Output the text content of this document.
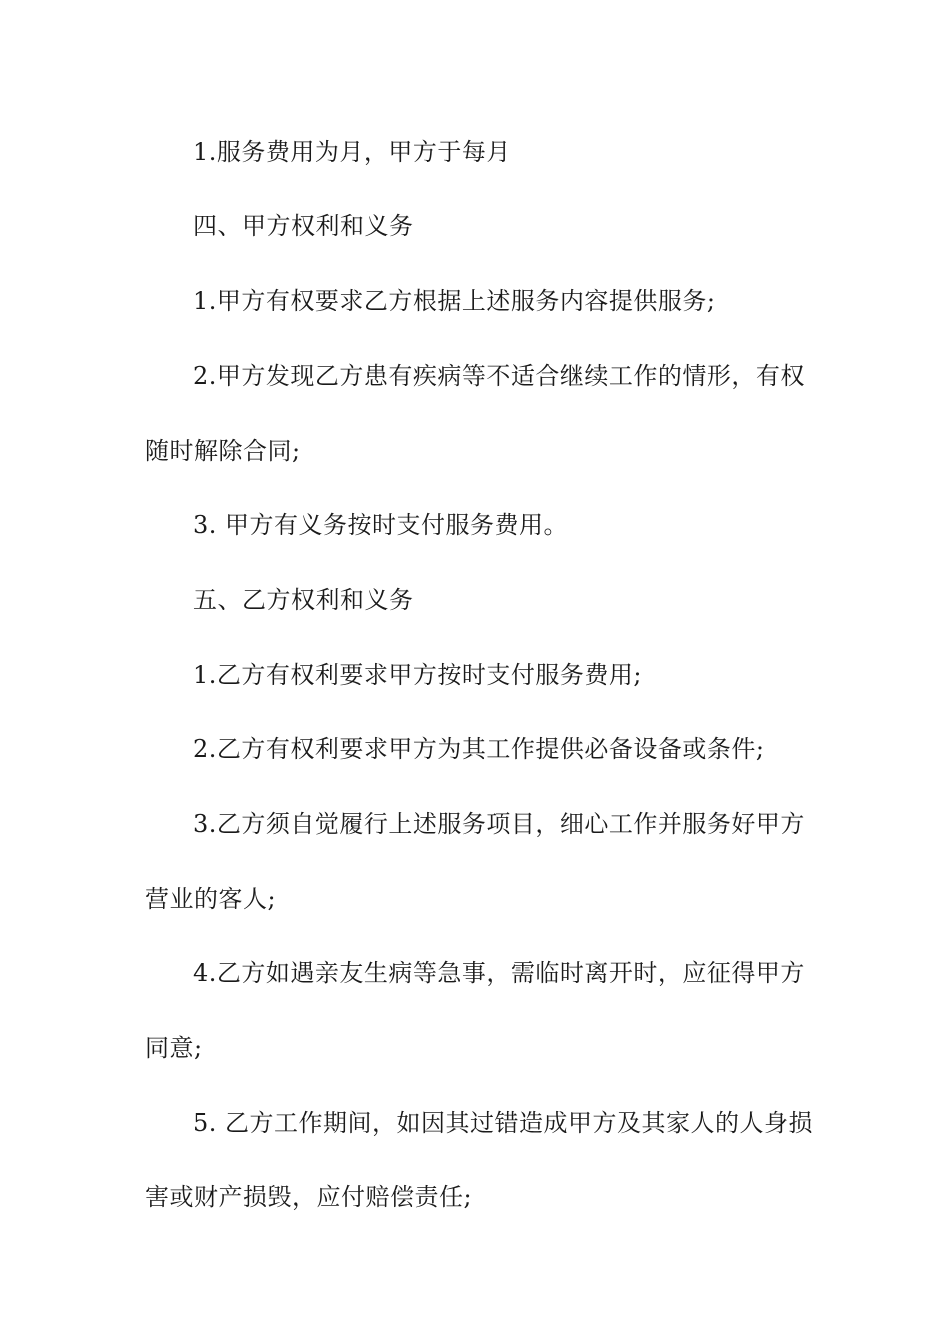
1.服务费用为月，甲方于每月
四、甲方权利和义务
1.甲方有权要求乙方根据上述服务内容提供服务;
2.甲方发现乙方患有疾病等不适合继续工作的情形，有权
随时解除合同;
3. 甲方有义务按时支付服务费用。
五、乙方权利和义务
1.乙方有权利要求甲方按时支付服务费用;
2.乙方有权利要求甲方为其工作提供必备设备或条件;
3.乙方须自觉履行上述服务项目，细心工作并服务好甲方
营业的客人;
4.乙方如遇亲友生病等急事，需临时离开时，应征得甲方
同意;
5. 乙方工作期间，如因其过错造成甲方及其家人的人身损
害或财产损毁，应付赔偿责任;
